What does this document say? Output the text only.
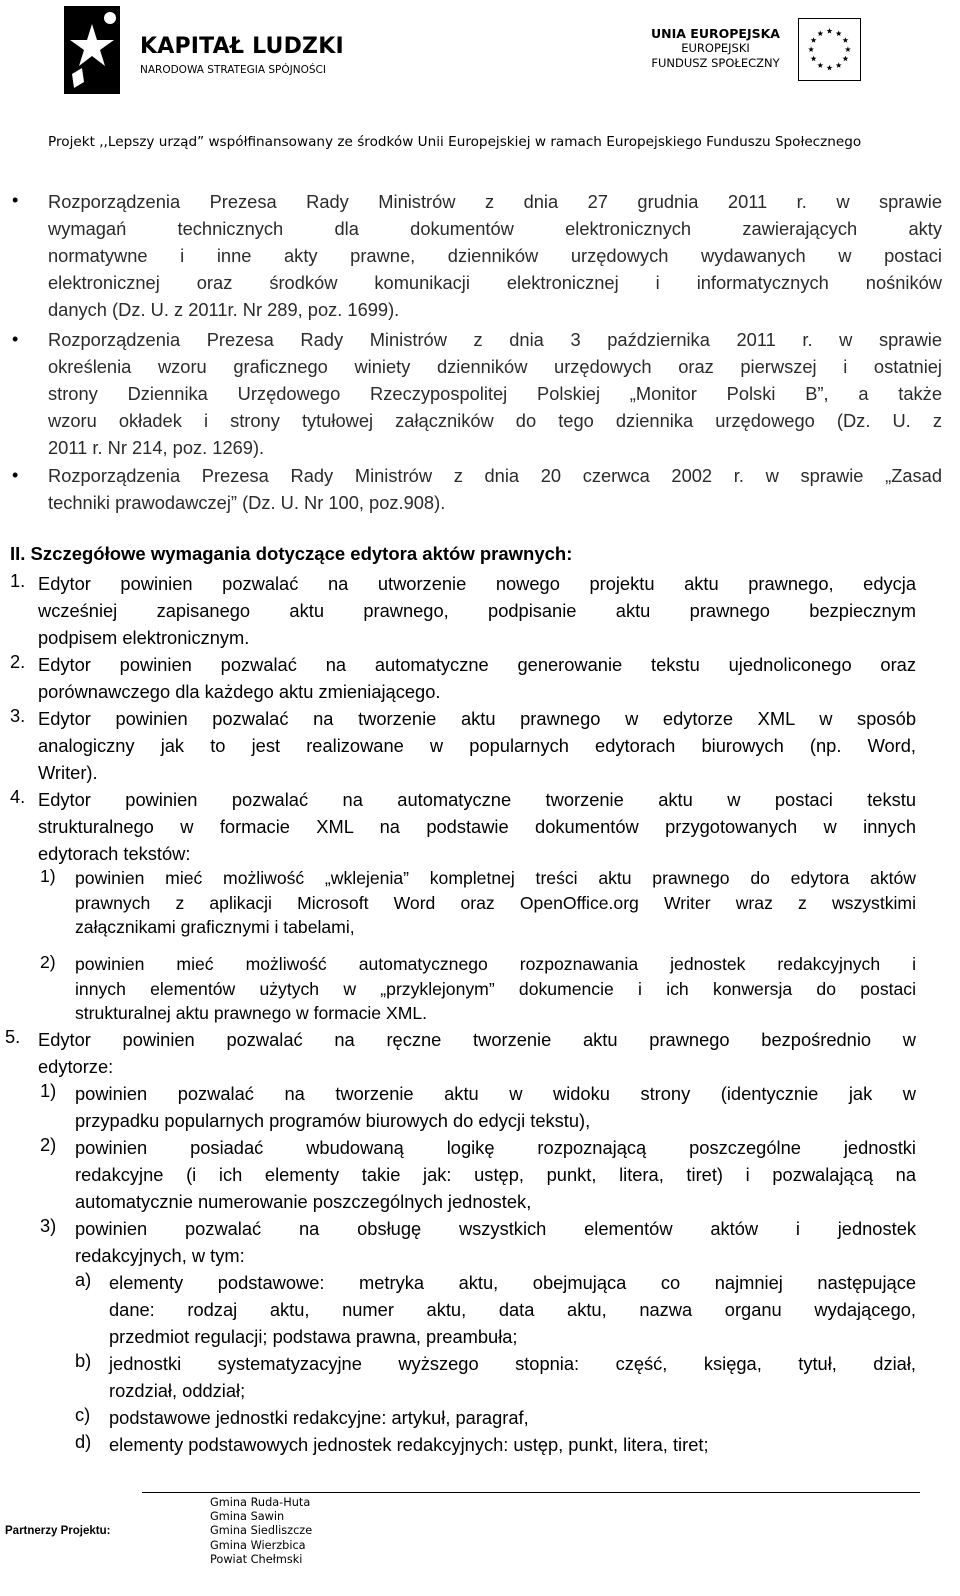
KAPITAŁ LUDZKI
NARODOWA STRATEGIA SPÓJNOŚCI
UNIA EUROPEJSKA
EUROPEJSKI
FUNDUSZ SPOŁECZNY
Projekt ,,Lepszy urząd” współfinansowany ze środków Unii Europejskiej w ramach Europejskiego Funduszu Społecznego
• Rozporządzenia Prezesa Rady Ministrów z dnia 27 grudnia 2011 r. w sprawie
wymagań technicznych dla dokumentów elektronicznych zawierających akty
normatywne i inne akty prawne, dzienników urzędowych wydawanych w postaci
elektronicznej oraz środków komunikacji elektronicznej i informatycznych nośników
danych (Dz. U. z 2011r. Nr 289, poz. 1699).
• Rozporządzenia Prezesa Rady Ministrów z dnia 3 października 2011 r. w sprawie
określenia wzoru graficznego winiety dzienników urzędowych oraz pierwszej i ostatniej
strony Dziennika Urzędowego Rzeczypospolitej Polskiej „Monitor Polski B”, a także
wzoru okładek i strony tytułowej załączników do tego dziennika urzędowego (Dz. U. z
2011 r. Nr 214, poz. 1269).
• Rozporządzenia Prezesa Rady Ministrów z dnia 20 czerwca 2002 r. w sprawie „Zasad
techniki prawodawczej” (Dz. U. Nr 100, poz.908).
II. Szczegółowe wymagania dotyczące edytora aktów prawnych:
1. Edytor powinien pozwalać na utworzenie nowego projektu aktu prawnego, edycja
wcześniej zapisanego aktu prawnego, podpisanie aktu prawnego bezpiecznym
podpisem elektronicznym.
2. Edytor powinien pozwalać na automatyczne generowanie tekstu ujednoliconego oraz
porównawczego dla każdego aktu zmieniającego.
3. Edytor powinien pozwalać na tworzenie aktu prawnego w edytorze XML w sposób
analogiczny jak to jest realizowane w popularnych edytorach biurowych (np. Word,
Writer).
4. Edytor powinien pozwalać na automatyczne tworzenie aktu w postaci tekstu
strukturalnego w formacie XML na podstawie dokumentów przygotowanych w innych
edytorach tekstów:
1) powinien mieć możliwość „wklejenia” kompletnej treści aktu prawnego do edytora aktów
prawnych z aplikacji Microsoft Word oraz OpenOffice.org Writer wraz z wszystkimi
załącznikami graficznymi i tabelami,
2) powinien mieć możliwość automatycznego rozpoznawania jednostek redakcyjnych i
innych elementów użytych w „przyklejonym” dokumencie i ich konwersja do postaci
strukturalnej aktu prawnego w formacie XML.
5. Edytor powinien pozwalać na ręczne tworzenie aktu prawnego bezpośrednio w
edytorze:
1) powinien pozwalać na tworzenie aktu w widoku strony (identycznie jak w
przypadku popularnych programów biurowych do edycji tekstu),
2) powinien posiadać wbudowaną logikę rozpoznającą poszczególne jednostki
redakcyjne (i ich elementy takie jak: ustęp, punkt, litera, tiret) i pozwalającą na
automatycznie numerowanie poszczególnych jednostek,
3) powinien pozwalać na obsługę wszystkich elementów aktów i jednostek
redakcyjnych, w tym:
a) elementy podstawowe: metryka aktu, obejmująca co najmniej następujące
dane: rodzaj aktu, numer aktu, data aktu, nazwa organu wydającego,
przedmiot regulacji; podstawa prawna, preambuła;
b) jednostki systematyzacyjne wyższego stopnia: część, księga, tytuł, dział,
rozdział, oddział;
c) podstawowe jednostki redakcyjne: artykuł, paragraf,
d) elementy podstawowych jednostek redakcyjnych: ustęp, punkt, litera, tiret;
Partnerzy Projektu:
Gmina Ruda-Huta
Gmina Sawin
Gmina Siedliszcze
Gmina Wierzbica
Powiat Chełmski
